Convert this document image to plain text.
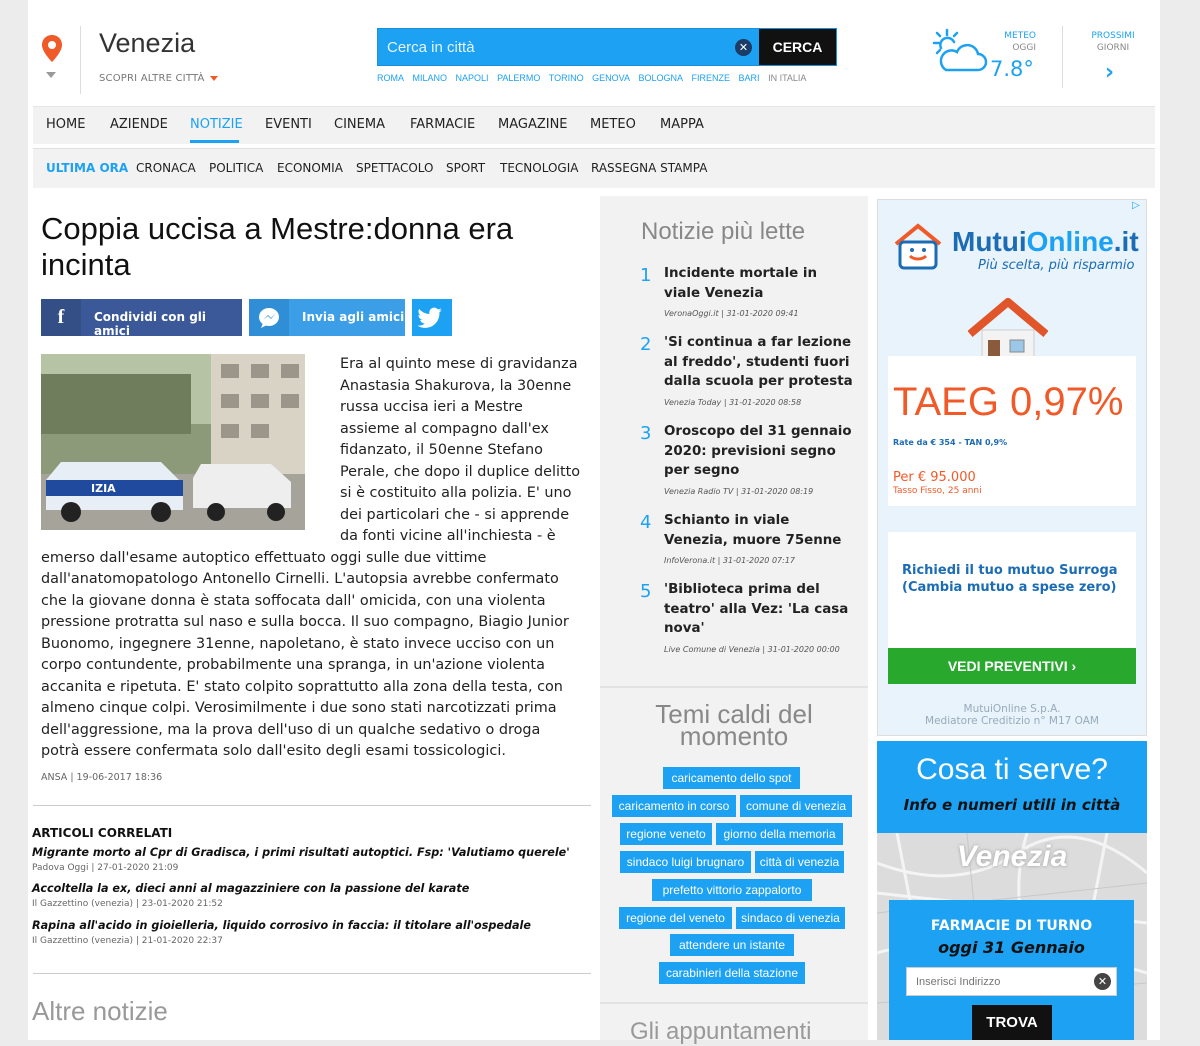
Venezia
SCOPRI ALTRE CITTÀ
Cerca in città
✕	CERCA
ROMA MILANO NAPOLI PALERMO TORINO GENOVA BOLOGNA FIRENZE BARI IN ITALIA
METEO
OGGI
7.8°
PROSSIMI
GIORNI
›
HOME AZIENDE NOTIZIE EVENTI CINEMA FARMACIE MAGAZINE METEO MAPPA
ULTIMA ORA CRONACA POLITICA ECONOMIA SPETTACOLO SPORT TECNOLOGIA RASSEGNA STAMPA
Coppia uccisa a Mestre:donna era incinta
f	Condividi con gli amici
Invia agli amici
Era al quinto mese di gravidanza Anastasia Shakurova, la 30enne russa uccisa ieri a Mestre assieme al compagno dall'ex fidanzato, il 50enne Stefano Perale, che dopo il duplice delitto si è costituito alla polizia. E' uno dei particolari che - si apprende da fonti vicine all'inchiesta - è emerso dall'esame autoptico effettuato oggi sulle due vittime dall'anatomopatologo Antonello Cirnelli. L'autopsia avrebbe confermato che la giovane donna è stata soffocata dall' omicida, con una violenta pressione protratta sul naso e sulla bocca. Il suo compagno, Biagio Junior Buonomo, ingegnere 31enne, napoletano, è stato invece ucciso con un corpo contundente, probabilmente una spranga, in un'azione violenta accanita e ripetuta. E' stato colpito soprattutto alla zona della testa, con almeno cinque colpi. Verosimilmente i due sono stati narcotizzati prima dell'aggressione, ma la prova dell'uso di un qualche sedativo o droga potrà essere confermata solo dall'esito degli esami tossicologici.
IZIA
ANSA | 19-06-2017 18:36
ARTICOLI CORRELATI
Migrante morto al Cpr di Gradisca, i primi risultati autoptici. Fsp: 'Valutiamo querele'
Padova Oggi | 27-01-2020 21:09
Accoltella la ex, dieci anni al magazziniere con la passione del karate
Il Gazzettino (venezia) | 23-01-2020 21:52
Rapina all'acido in gioielleria, liquido corrosivo in faccia: il titolare all'ospedale
Il Gazzettino (venezia) | 21-01-2020 22:37
Altre notizie
Notizie più lette
1 Incidente mortale in viale Venezia
VeronaOggi.it | 31-01-2020 09:41
2 'Si continua a far lezione al freddo', studenti fuori dalla scuola per protesta
Venezia Today | 31-01-2020 08:58
3 Oroscopo del 31 gennaio 2020: previsioni segno per segno
Venezia Radio TV | 31-01-2020 08:19
4 Schianto in viale Venezia, muore 75enne
InfoVerona.it | 31-01-2020 07:17
5 'Biblioteca prima del teatro' alla Vez: 'La casa nova'
Live Comune di Venezia | 31-01-2020 00:00
Temi caldi del momento
caricamento dello spot
caricamento in corso	comune di venezia
regione veneto	giorno della memoria
sindaco luigi brugnaro	città di venezia
prefetto vittorio zappalorto
regione del veneto	sindaco di venezia
attendere un istante
carabinieri della stazione
Gli appuntamenti
▷
MutuiOnline.it
Più scelta, più risparmio
TAEG 0,97%
Rate da € 354 - TAN 0,9%
Per € 95.000
Tasso Fisso, 25 anni
Richiedi il tuo mutuo Surroga (Cambia mutuo a spese zero)
VEDI PREVENTIVI ›
MutuiOnline S.p.A.
Mediatore Creditizio n° M17 OAM
Cosa ti serve?
Info e numeri utili in città
Venezia
FARMACIE DI TURNO
oggi 31 Gennaio
Inserisci Indirizzo
✕
TROVA
